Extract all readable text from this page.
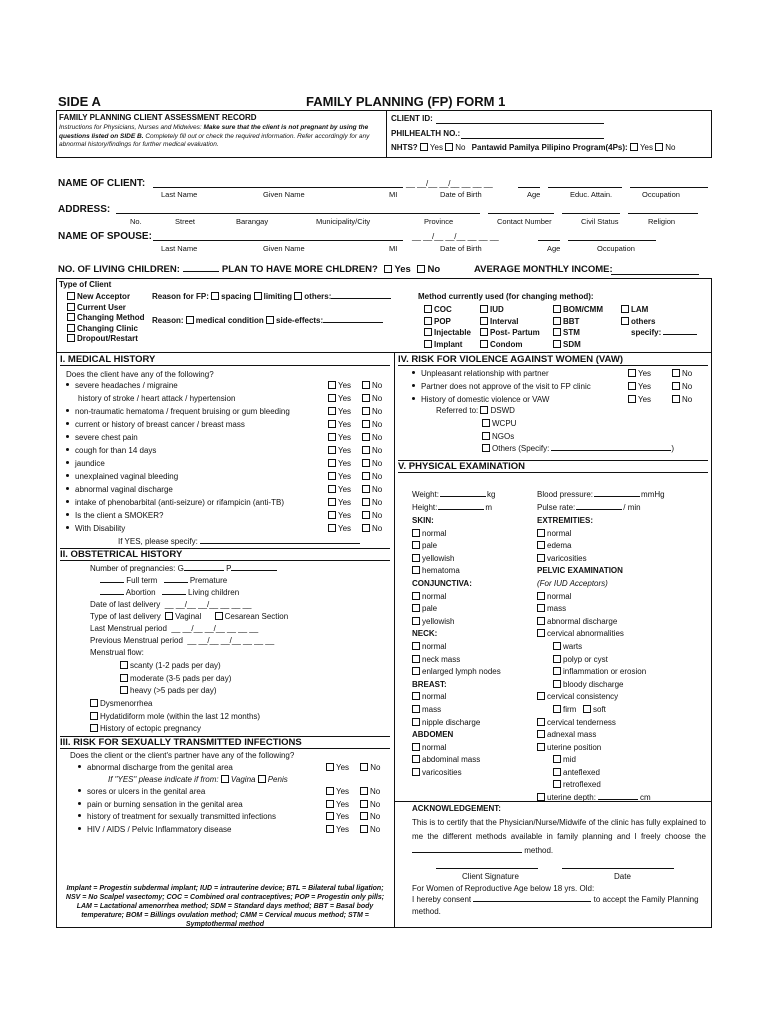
SIDE A	FAMILY PLANNING (FP) FORM 1
FAMILY PLANNING CLIENT ASSESSMENT RECORD
Instructions for Physicians, Nurses and Midwives: Make sure that the client is not pregnant by using the questions listed on SIDE B. Completely fill out or check the required information. Refer accordingly for any abnormal history/findings for further medical evaluation.
CLIENT ID:
PHILHEALTH NO.:
NHTS? Yes No Pantawid Pamilya Pilipino Program(4Ps): Yes No
NAME OF CLIENT:	__ __/__ __/__ __ __ __
Last Name	Given Name	MI	Date of Birth	Age	Educ. Attain.	Occupation
ADDRESS:
No.	Street	Barangay	Municipality/City	Province	Contact Number	Civil Status	Religion
NAME OF SPOUSE:	__ __/__ __/__ __ __ __
Last Name	Given Name	MI	Date of Birth	Age	Occupation
NO. OF LIVING CHILDREN:	PLAN TO HAVE MORE CHLDREN? Yes No	AVERAGE MONTHLY INCOME:
Type of Client
New Acceptor
Current User
Changing Method
Changing Clinic
Dropout/Restart
Reason for FP: spacing limiting others:
Reason: medical condition side-effects:
Method currently used (for changing method):
COC
POP
Injectable
Implant
IUD
Interval
Post- Partum
Condom
BOM/CMM
BBT
STM
SDM
LAM
others
specify:
I. MEDICAL HISTORY
Does the client have any of the following?
severe headaches / migraine	Yes	No
history of stroke / heart attack / hypertension	Yes	No
non-traumatic hematoma / frequent bruising or gum bleeding	Yes	No
current or history of breast cancer / breast mass	Yes	No
severe chest pain	Yes	No
cough for than 14 days	Yes	No
jaundice	Yes	No
unexplained vaginal bleeding	Yes	No
abnormal vaginal discharge	Yes	No
intake of phenobarbital (anti-seizure) or rifampicin (anti-TB)	Yes	No
Is the client a SMOKER?	Yes	No
With Disability	Yes	No
If YES, please specify:
II. OBSTETRICAL HISTORY
Number of pregnancies: G	P
Full term	Premature
Abortion	Living children
Date of last delivery __ __/__ __/__ __ __ __
Type of last delivery Vaginal	Cesarean Section
Last Menstrual period __ __/__ __/__ __ __ __
Previous Menstrual period __ __/__ __/__ __ __ __
Menstrual flow:
scanty (1-2 pads per day)
moderate (3-5 pads per day)
heavy (>5 pads per day)
Dysmenorrhea
Hydatidiform mole (within the last 12 months)
History of ectopic pregnancy
III. RISK FOR SEXUALLY TRANSMITTED INFECTIONS
Does the client or the client's partner have any of the following?
abnormal discharge from the genital area	Yes	No
If "YES" please indicate if from: Vagina Penis
sores or ulcers in the genital area	Yes	No
pain or burning sensation in the genital area	Yes	No
history of treatment for sexually transmitted infections	Yes	No
HIV / AIDS / Pelvic Inflammatory disease	Yes	No
Implant = Progestin subdermal implant; IUD = intrauterine device; BTL = Bilateral tubal ligation; NSV = No Scalpel vasectomy; COC = Combined oral contraceptives; POP = Progestin only pills; LAM = Lactational amenorrhea method; SDM = Standard days method; BBT = Basal body temperature; BOM = Billings ovulation method; CMM = Cervical mucus method; STM = Symptothermal method
IV. RISK FOR VIOLENCE AGAINST WOMEN (VAW)
Unpleasant relationship with partner	Yes	No
Partner does not approve of the visit to FP clinic	Yes	No
History of domestic violence or VAW	Yes	No
Referred to: DSWD
WCPU
NGOs
Others (Specify:	)
V. PHYSICAL EXAMINATION
Weight:	kg
Height:	m
Blood pressure:	mmHg
Pulse rate:	/ min
SKIN:
normal
pale
yellowish
hematoma
CONJUNCTIVA:
normal
pale
yellowish
NECK:
normal
neck mass
enlarged lymph nodes
BREAST:
normal
mass
nipple discharge
ABDOMEN
normal
abdominal mass
varicosities
EXTREMITIES:
normal
edema
varicosities
PELVIC EXAMINATION
(For IUD Acceptors)
normal
mass
abnormal discharge
cervical abnormalities
warts
polyp or cyst
inflammation or erosion
bloody discharge
cervical consistency
firm soft
cervical tenderness
adnexal mass
uterine position
mid
anteflexed
retroflexed
uterine depth:	cm
ACKNOWLEDGEMENT:
This is to certify that the Physician/Nurse/Midwife of the clinic has fully explained to me the different methods available in family planning and I freely choose the  method.
Client Signature	Date
For Women of Reproductive Age below 18 yrs. Old:
I hereby consent	to accept the Family Planning method.
